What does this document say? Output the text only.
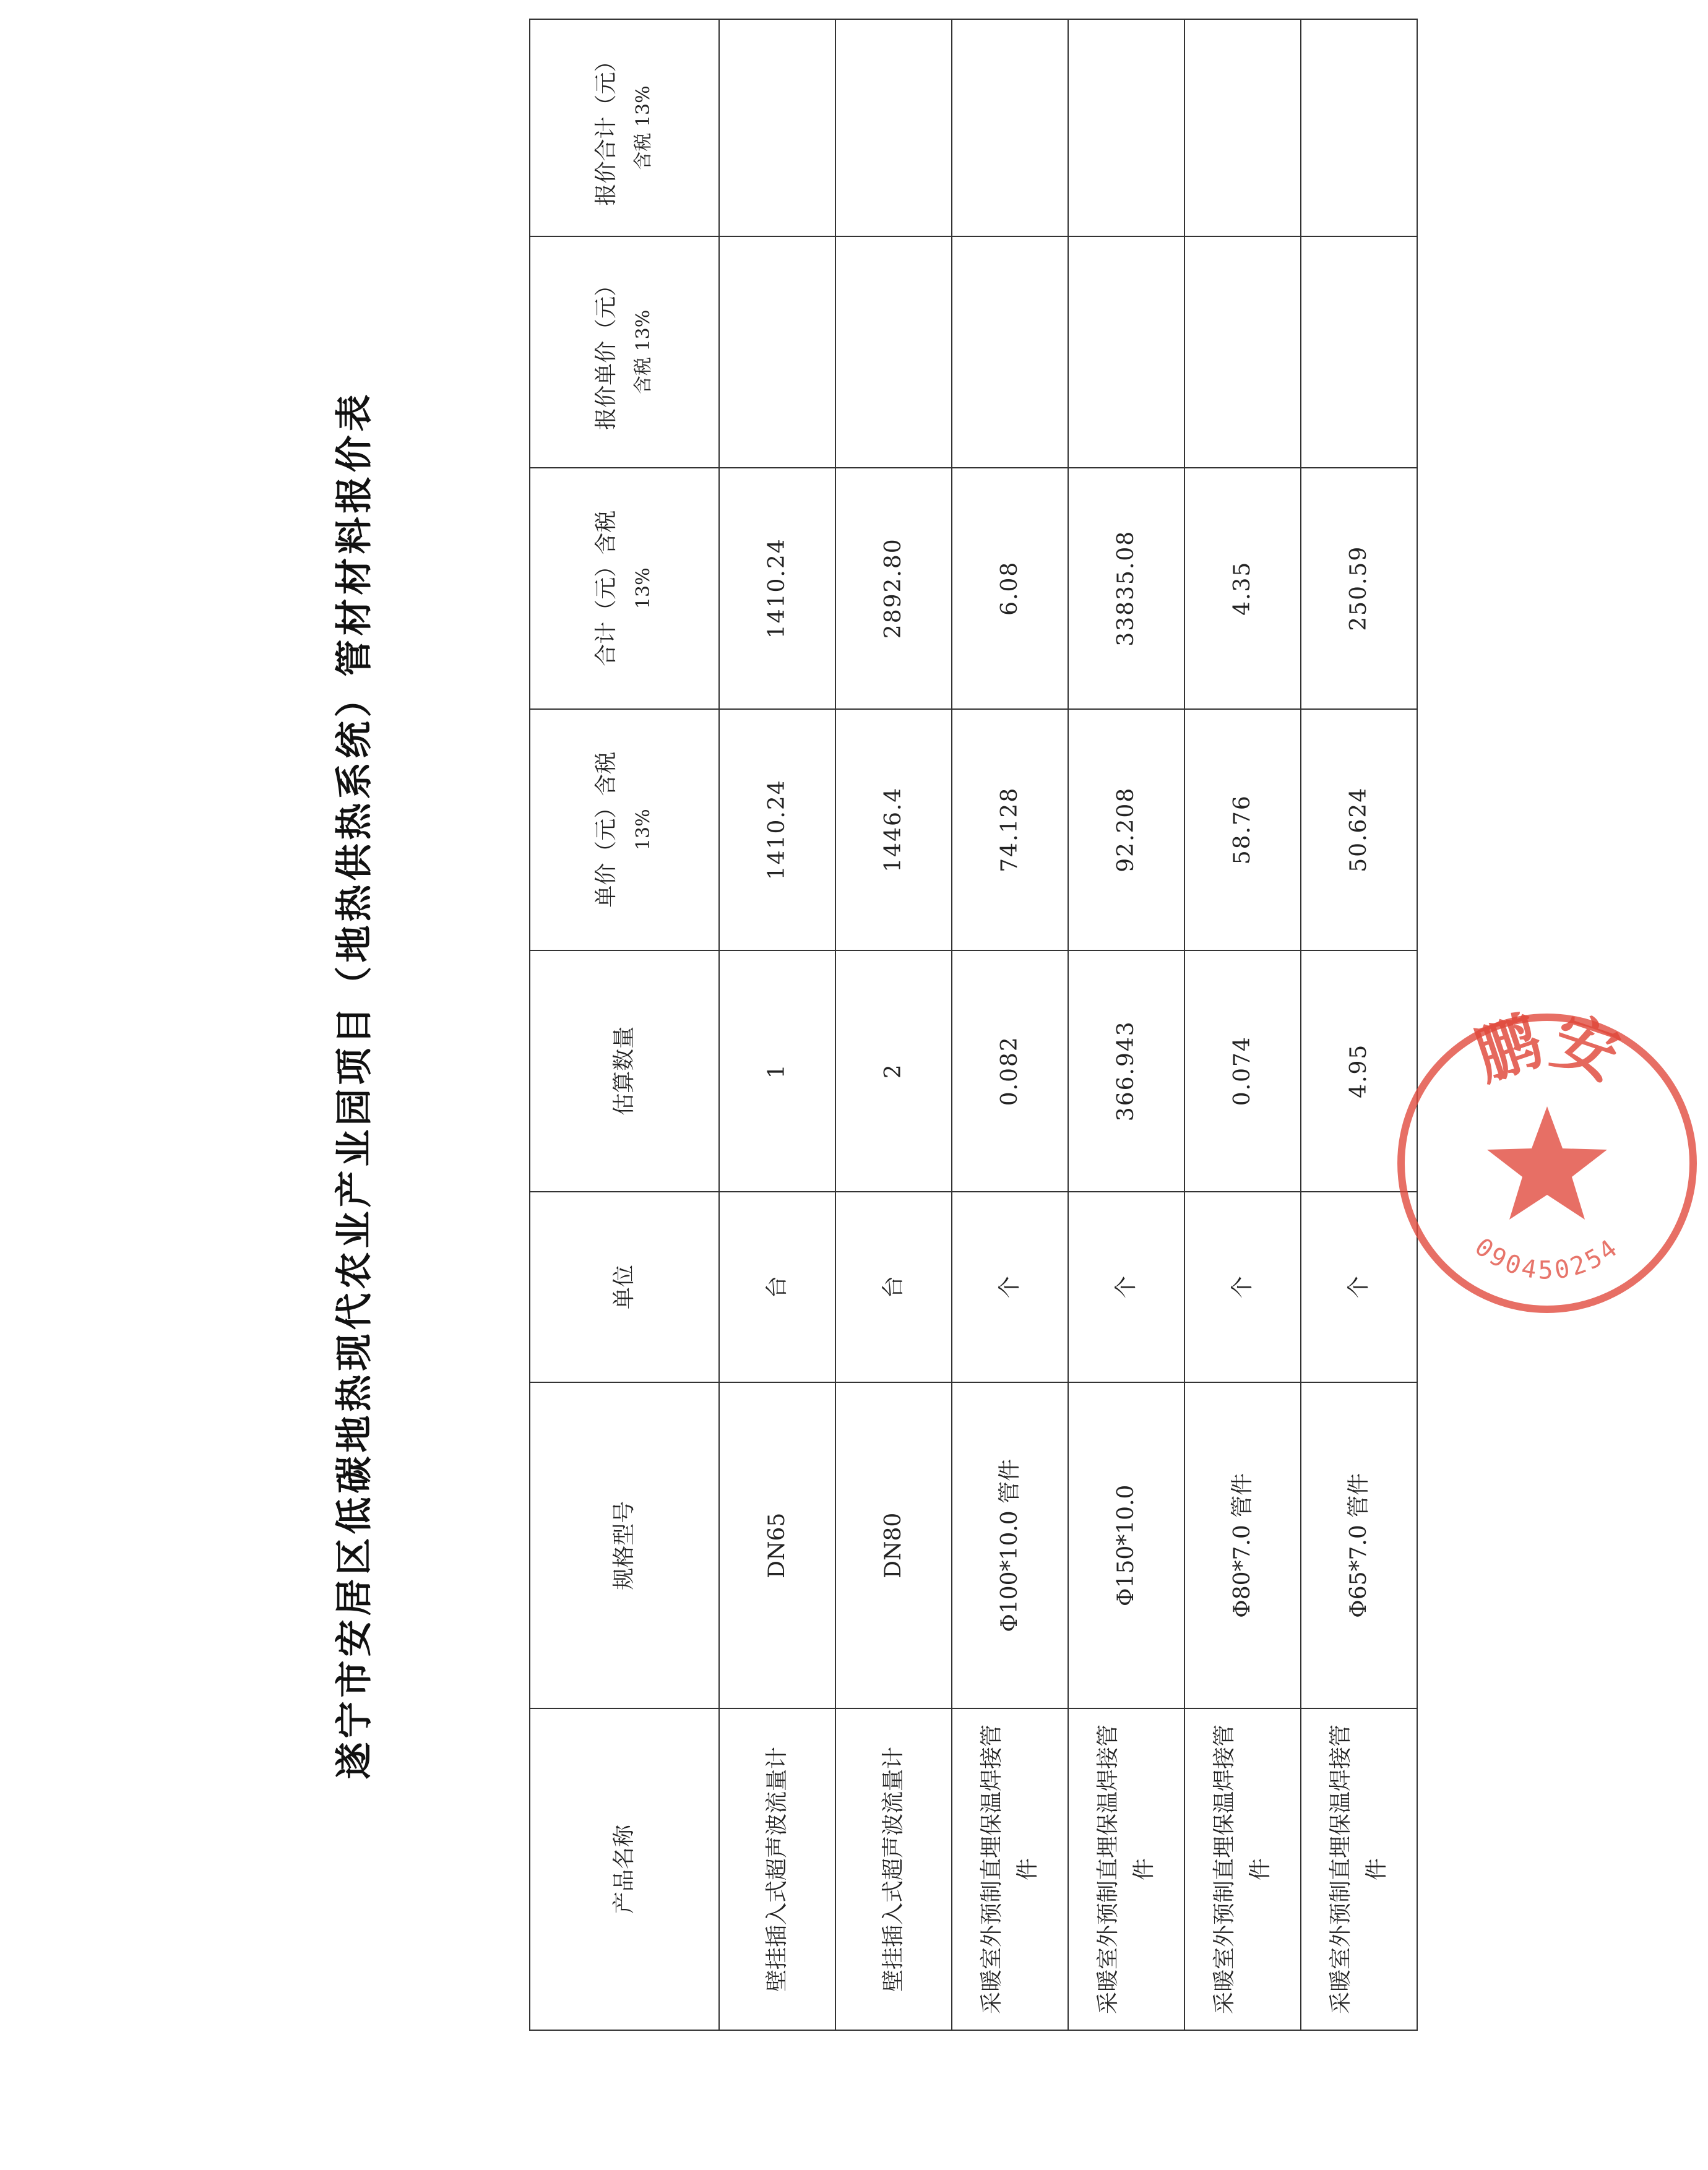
遂宁市安居区低碳地热现代农业产业园项目（地热供热系统）管材材料报价表
产品名称	规格型号	单位	估算数量	单价（元）含税 13%	合计（元）含税 13%	报价单价（元） 含税 13%	报价合计（元） 含税 13%
壁挂插入式超声波流量计	DN65	台	1	1410.24	1410.24		
壁挂插入式超声波流量计	DN80	台	2	1446.4	2892.80		
采暖室外预制直埋保温焊接管件	Φ100*10.0 管件	个	0.082	74.128	6.08		
采暖室外预制直埋保温焊接管件	Φ150*10.0	个	366.943	92.208	33835.08		
采暖室外预制直埋保温焊接管件	Φ80*7.0 管件	个	0.074	58.76	4.35		
采暖室外预制直埋保温焊接管件	Φ65*7.0 管件	个	4.95	50.624	250.59		
鹏安
090450254
